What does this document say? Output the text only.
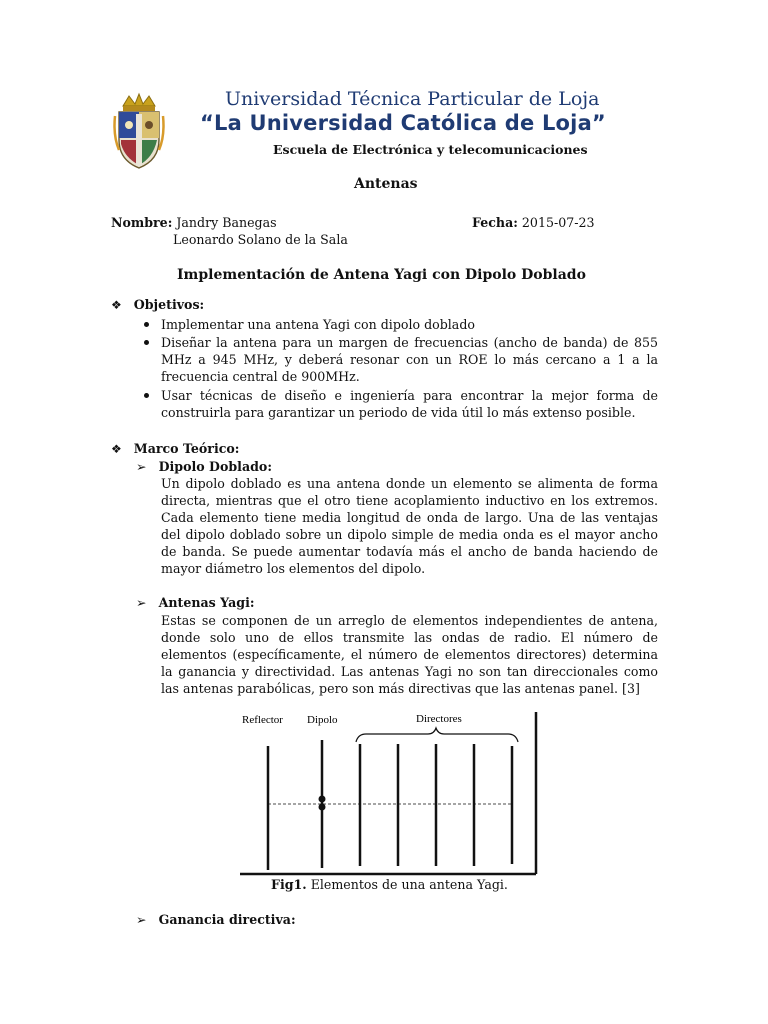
Universidad Técnica Particular de Loja
“La Universidad Católica de Loja”
Escuela de Electrónica y telecomunicaciones
Antenas
Nombre: Jandry Banegas
Leonardo Solano de la Sala
Fecha: 2015-07-23
Implementación de Antena Yagi con Dipolo Doblado
❖ Objetivos:
Implementar una antena Yagi con dipolo doblado
Diseñar la antena para un margen de frecuencias (ancho de banda) de 855 MHz a 945 MHz, y deberá resonar con un ROE lo más cercano a 1 a la frecuencia central de 900MHz.
Usar técnicas de diseño e ingeniería para encontrar la mejor forma de construirla para garantizar un periodo de vida útil lo más extenso posible.
❖ Marco Teórico:
➢ Dipolo Doblado:
Un dipolo doblado es una antena donde un elemento se alimenta de forma directa, mientras que el otro tiene acoplamiento inductivo en los extremos. Cada elemento tiene media longitud de onda de largo. Una de las ventajas del dipolo doblado sobre un dipolo simple de media onda es el mayor ancho de banda. Se puede aumentar todavía más el ancho de banda haciendo de mayor diámetro los elementos del dipolo.
➢ Antenas Yagi:
Estas se componen de un arreglo de elementos independientes de antena, donde solo uno de ellos transmite las ondas de radio. El número de elementos (específicamente, el número de elementos directores) determina la ganancia y directividad. Las antenas Yagi no son tan direccionales como las antenas parabólicas, pero son más directivas que las antenas panel. [3]
Reflector Dipolo	Directores
Fig1. Elementos de una antena Yagi.
➢ Ganancia directiva:
